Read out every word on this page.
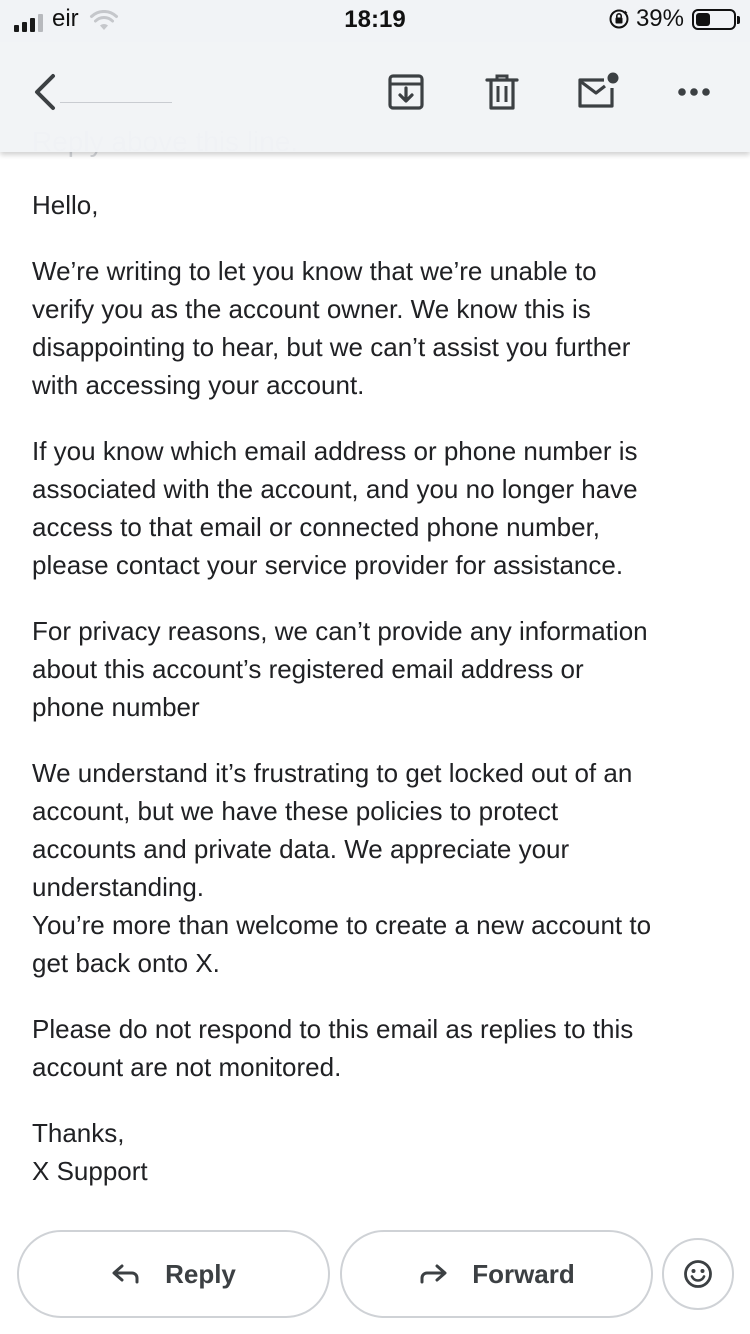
eir	18:19	39%
Hello,
We’re writing to let you know that we’re unable to
verify you as the account owner. We know this is
disappointing to hear, but we can’t assist you further
with accessing your account.
If you know which email address or phone number is
associated with the account, and you no longer have
access to that email or connected phone number,
please contact your service provider for assistance.
For privacy reasons, we can’t provide any information
about this account’s registered email address or
phone number
We understand it’s frustrating to get locked out of an
account, but we have these policies to protect
accounts and private data. We appreciate your
understanding.
You’re more than welcome to create a new account to
get back onto X.
Please do not respond to this email as replies to this
account are not monitored.
Thanks,
X Support
Reply	Forward
